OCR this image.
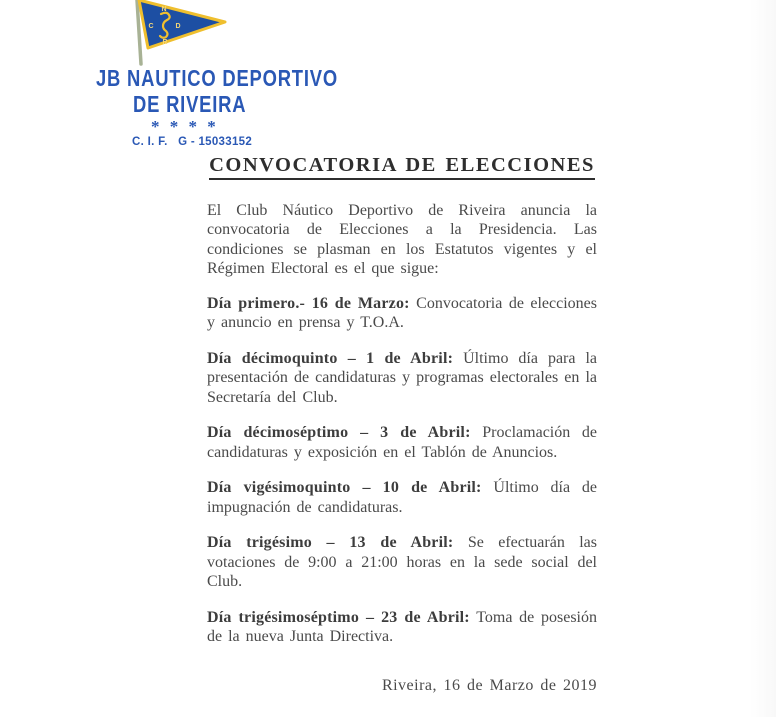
N
C	D
R
JB NAUTICO DEPORTIVO
DE RIVEIRA
* * * *
C. I. F.   G - 15033152
CONVOCATORIA DE ELECCIONES

El Club Náutico Deportivo de Riveira anuncia la convocatoria de Elecciones a la Presidencia. Las condiciones se plasman en los Estatutos vigentes y el Régimen Electoral es el que sigue:

Día primero.- 16 de Marzo: Convocatoria de elecciones y anuncio en prensa y T.O.A.

Día décimoquinto – 1 de Abril: Último día para la presentación de candidaturas y programas electorales en la Secretaría del Club.

Día décimoséptimo – 3 de Abril: Proclamación de candidaturas y exposición en el Tablón de Anuncios.

Día vigésimoquinto – 10 de Abril: Último día de impugnación de candidaturas.

Día trigésimo – 13 de Abril: Se efectuarán las votaciones de 9:00 a 21:00 horas en la sede social del Club.

Día trigésimoséptimo – 23 de Abril: Toma de posesión de la nueva Junta Directiva.

Riveira, 16 de Marzo de 2019
